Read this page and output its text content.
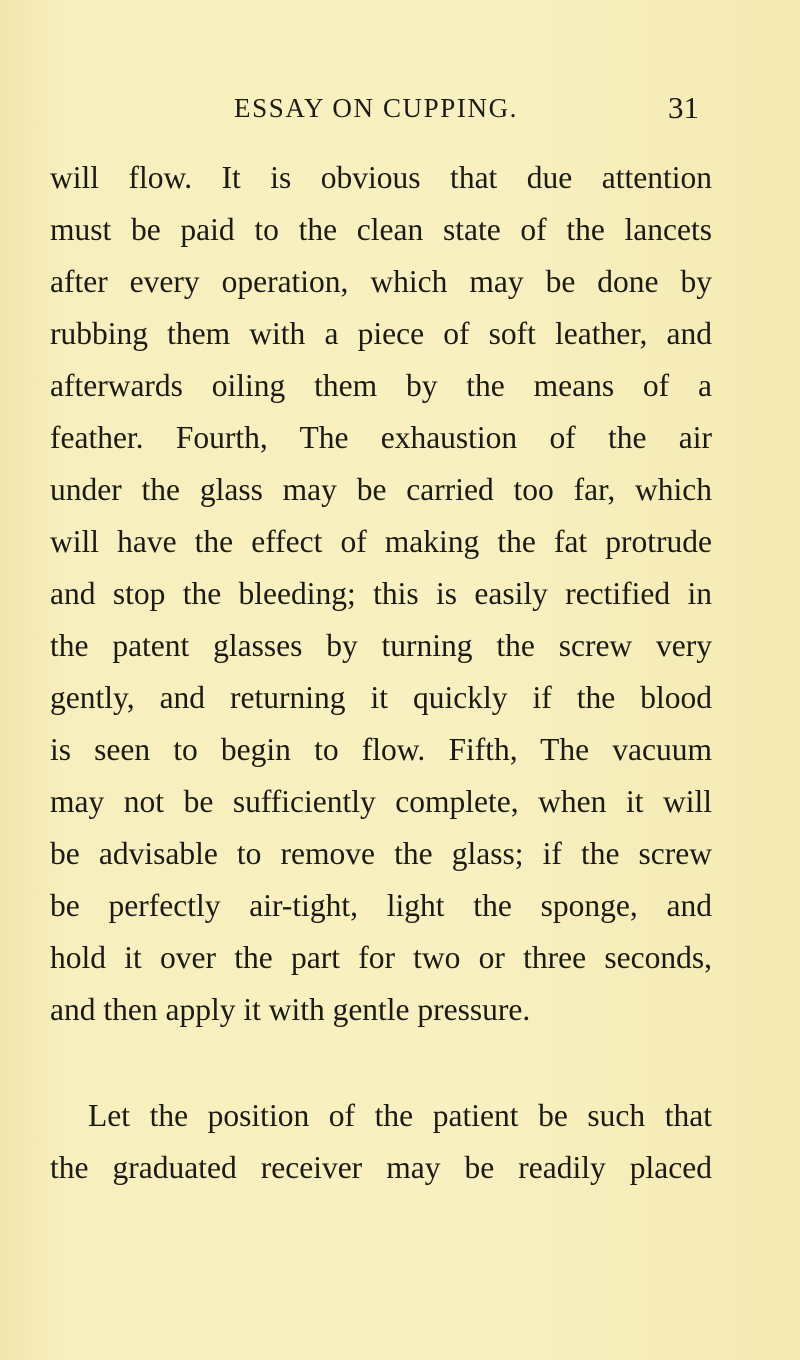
ESSAY ON CUPPING.	31
will flow. It is obvious that due attention
must be paid to the clean state of the lancets
after every operation, which may be done by
rubbing them with a piece of soft leather, and
afterwards oiling them by the means of a
feather. Fourth, The exhaustion of the air
under the glass may be carried too far, which
will have the effect of making the fat protrude
and stop the bleeding; this is easily rectified in
the patent glasses by turning the screw very
gently, and returning it quickly if the blood
is seen to begin to flow. Fifth, The vacuum
may not be sufficiently complete, when it will
be advisable to remove the glass; if the screw
be perfectly air-tight, light the sponge, and
hold it over the part for two or three seconds,
and then apply it with gentle pressure.
Let the position of the patient be such that
the graduated receiver may be readily placed
